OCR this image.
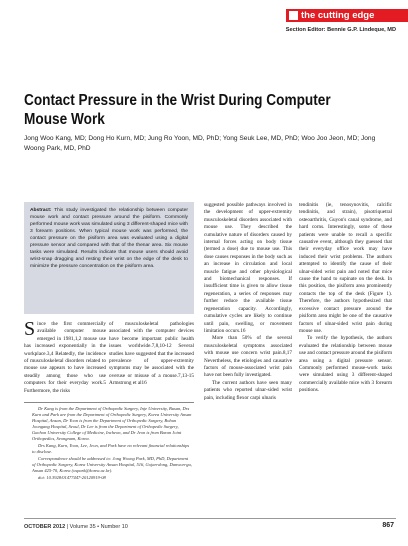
the cutting edge
Section Editor: Bennie G.P. Lindeque, MD
Contact Pressure in the Wrist During Computer Mouse Work
Jong Woo Kang, MD; Dong Ho Kurn, MD; Jung Ro Yoon, MD, PhD; Yong Seuk Lee, MD, PhD; Woo Joo Jeon, MD; Jong Woong Park, MD, PhD
Abstract: This study investigated the relationship between computer mouse work and contact pressure around the pisiform. Commonly performed mouse work was simulated using 3 different-shaped mice with 3 forearm positions. When typical mouse work was performed, the contact pressure on the pisiform area was evaluated using a digital pressure sensor and compared with that of the thenar area. Six mouse tasks were simulated. Results indicate that mouse users should avoid wrist-snap dragging and resting their wrist on the edge of the desk to minimize the pressure concentration on the pisiform area.
Since the first commercially available computer mouse emerged in 1981,1,2 mouse use has increased exponentially in the workplace.3,4 Relatedly, the incidence of musculoskeletal disorders related to mouse use appears to have increased steadily among those who use computers for their everyday work.5 Furthermore, the risks
of musculoskeletal pathologies associated with the computer devices have become important public health issues worldwide.7,8,10-12 Several studies have suggested that the increased prevalence of upper-extremity symptoms may be associated with the overuse or misuse of a mouse.7,13-15 Armstrong et al16

suggested possible pathways involved in the development of upper-extremity musculoskeletal disorders associated with mouse use. They described the cumulative nature of disorders caused by internal forces acting on body tissue (termed a dose) due to mouse use. This dose causes responses in the body such as an increase in circulation and local muscle fatigue and other physiological and biomechanical responses. If insufficient time is given to allow tissue regeneration, a series of responses may further reduce the available tissue regeneration capacity. Accordingly, cumulative cycles are likely to continue until pain, swelling, or movement limitation occurs.16

More than 50% of the several musculoskeletal symptoms associated with mouse use concern wrist pain.8,17 Nevertheless, the etiologies and causative factors of mouse-associated wrist pain have not been fully investigated.

The current authors have seen many patients who reported ulnar-sided wrist pain, including flexor carpi ulnaris

tendinitis (ie, tenosynovitis, calcific tendinitis, and strain), pisotriquetral osteoarthritis, Guyon's canal syndrome, and hard corns. Interestingly, some of these patients were unable to recall a specific causative event, although they guessed that their everyday office work may have induced their wrist problems. The authors attempted to identify the cause of their ulnar-sided wrist pain and noted that mice cause the hand to supinate on the desk. In this position, the pisiform area prominently contacts the top of the desk (Figure 1). Therefore, the authors hypothesized that excessive contact pressure around the pisiform area might be one of the causative factors of ulnar-sided wrist pain during mouse use.

To verify the hypothesis, the authors evaluated the relationship between mouse use and contact pressure around the pisiform area using a digital pressure sensor. Commonly performed mouse-work tasks were simulated using 3 different-shaped commercially available mice with 3 forearm positions.

Dr Kang is from the Department of Orthopedic Surgery, Inje University, Busan, Drs Kurn and Park are from the Department of Orthopedic Surgery, Korea University Ansan Hospital, Ansan, Dr Yoon is from the Department of Orthopedic Surgery, Bohun Joongang Hospital, Seoul, Dr Lee is from the Department of Orthopedic Surgery, Gachon University College of Medicine, Incheon, and Dr Jeon is from Baran Joint Orthopedics, Seongnam, Korea.

Drs Kang, Kurn, Yoon, Lee, Jeon, and Park have no relevant financial relationships to disclose.

Correspondence should be addressed to: Jong Woong Park, MD, PhD, Department of Orthopedic Surgery, Korea University Ansan Hospital, 516, Gojan-dong, Danwon-gu, Ansan 425-70, Korea (ospark@korea.ac.kr).

doi: 10.3928/01477447-20120919-08

OCTOBER 2012 | Volume 35 • Number 10	867
